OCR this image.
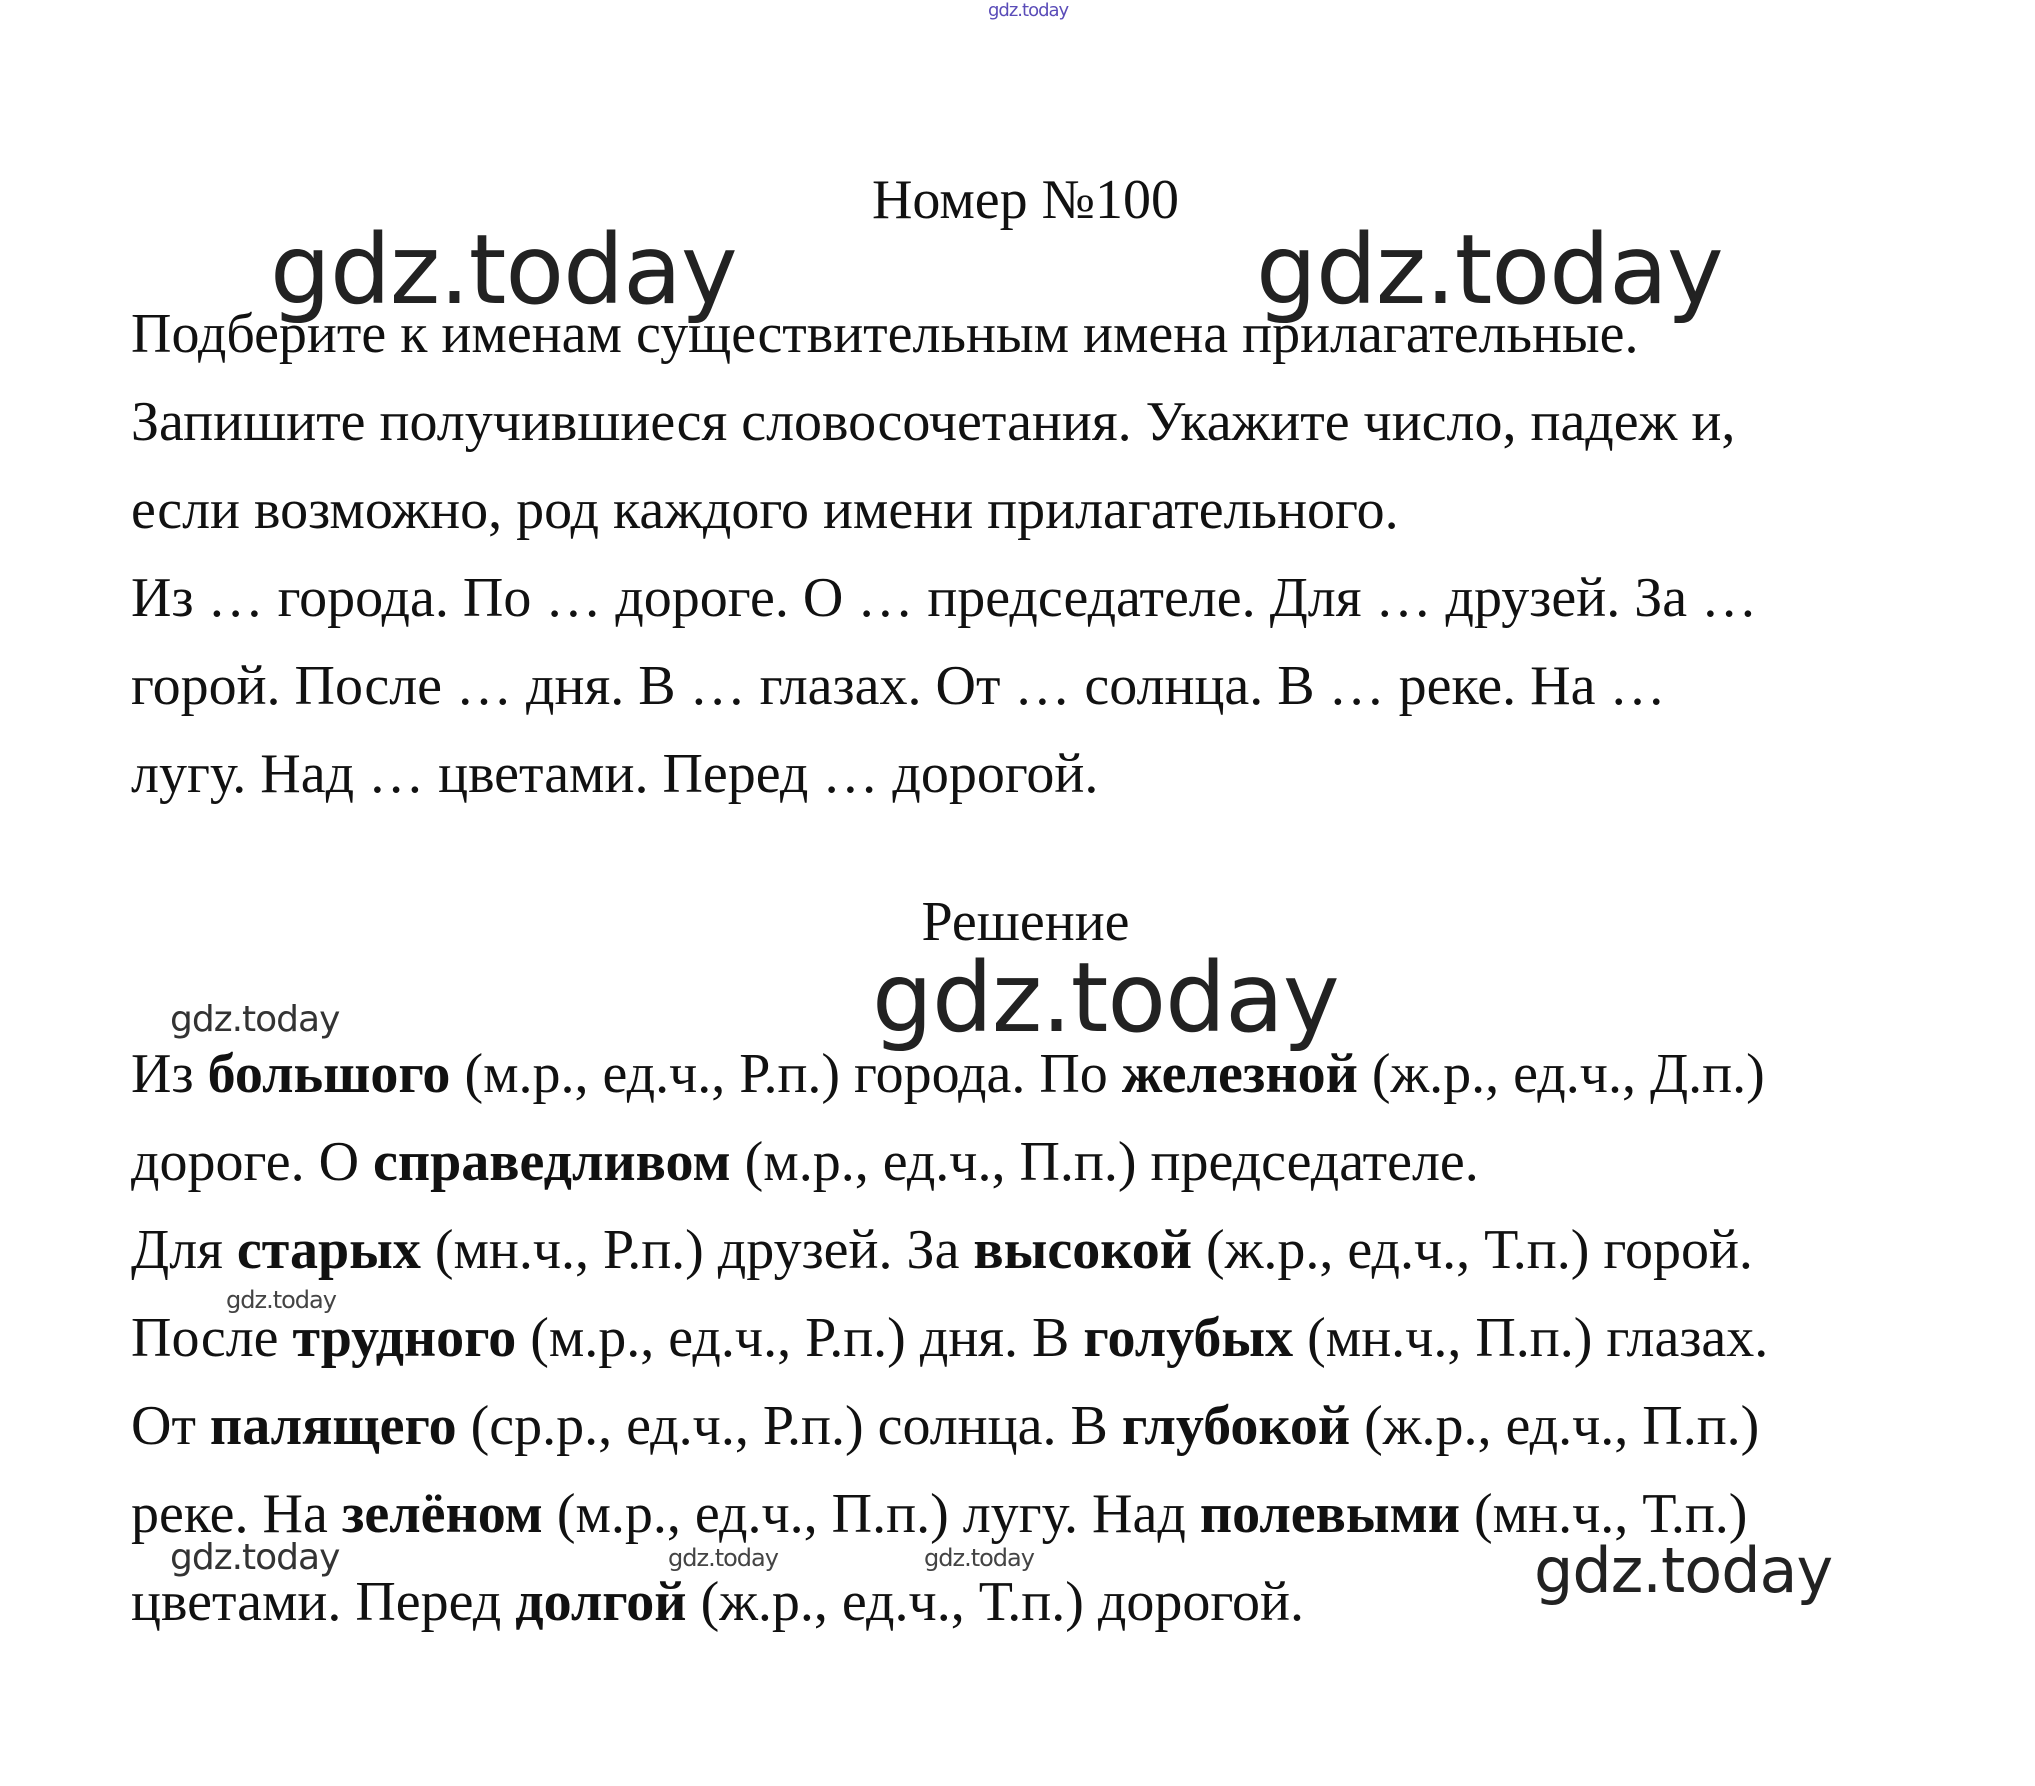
gdz.today
gdz.today	gdz.today
gdz.today
gdz.today
gdz.today
gdz.today	gdz.today	gdz.today	gdz.today
Номер №100
Подберите к именам существительным имена прилагательные.
Запишите получившиеся словосочетания. Укажите число, падеж и,
если возможно, род каждого имени прилагательного.
Из … города. По … дороге. О … председателе. Для … друзей. За …
горой. После … дня. В … глазах. От … солнца. В … реке. На …
лугу. Над … цветами. Перед … дорогой.
Решение
Из большого (м.р., ед.ч., Р.п.) города. По железной (ж.р., ед.ч., Д.п.)
дороге. О справедливом (м.р., ед.ч., П.п.) председателе.
Для старых (мн.ч., Р.п.) друзей. За высокой (ж.р., ед.ч., Т.п.) горой.
После трудного (м.р., ед.ч., Р.п.) дня. В голубых (мн.ч., П.п.) глазах.
От палящего (ср.р., ед.ч., Р.п.) солнца. В глубокой (ж.р., ед.ч., П.п.)
реке. На зелёном (м.р., ед.ч., П.п.) лугу. Над полевыми (мн.ч., Т.п.)
цветами. Перед долгой (ж.р., ед.ч., Т.п.) дорогой.
